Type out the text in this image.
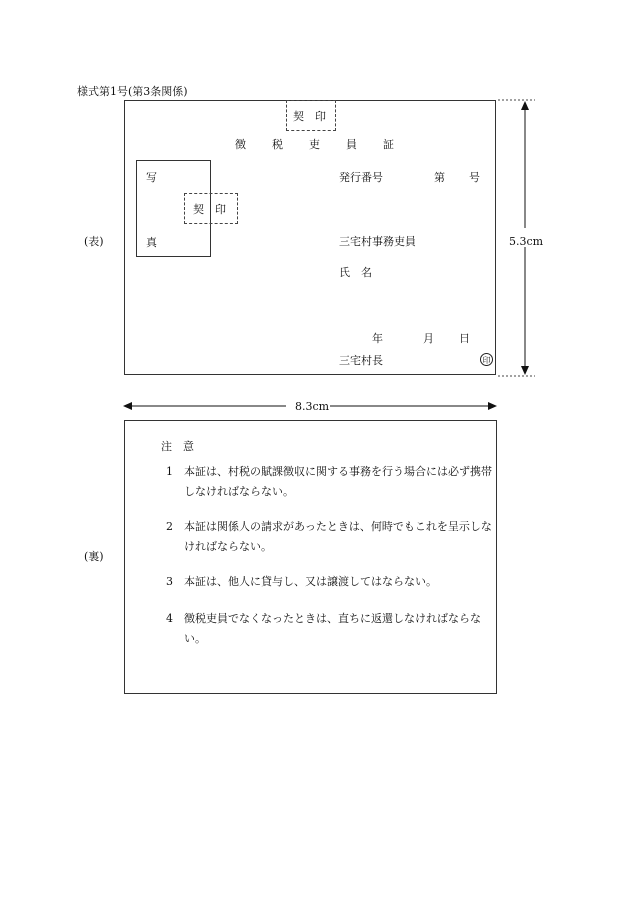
様式第1号(第3条関係)
(表)
契　印
徴税吏員証
写
真
契　印
発行番号	第 号
三宅村事務吏員
氏　名
年	月 日
三宅村長	印
5.3cm
8.3cm
(裏)
注　意
1 本証は、村税の賦課徴収に関する事務を行う場合には必ず携帯しなければならない。
2 本証は関係人の請求があったときは、何時でもこれを呈示しなければならない。
3 本証は、他人に貸与し、又は譲渡してはならない。
4 徴税吏員でなくなったときは、直ちに返還しなければならない。
